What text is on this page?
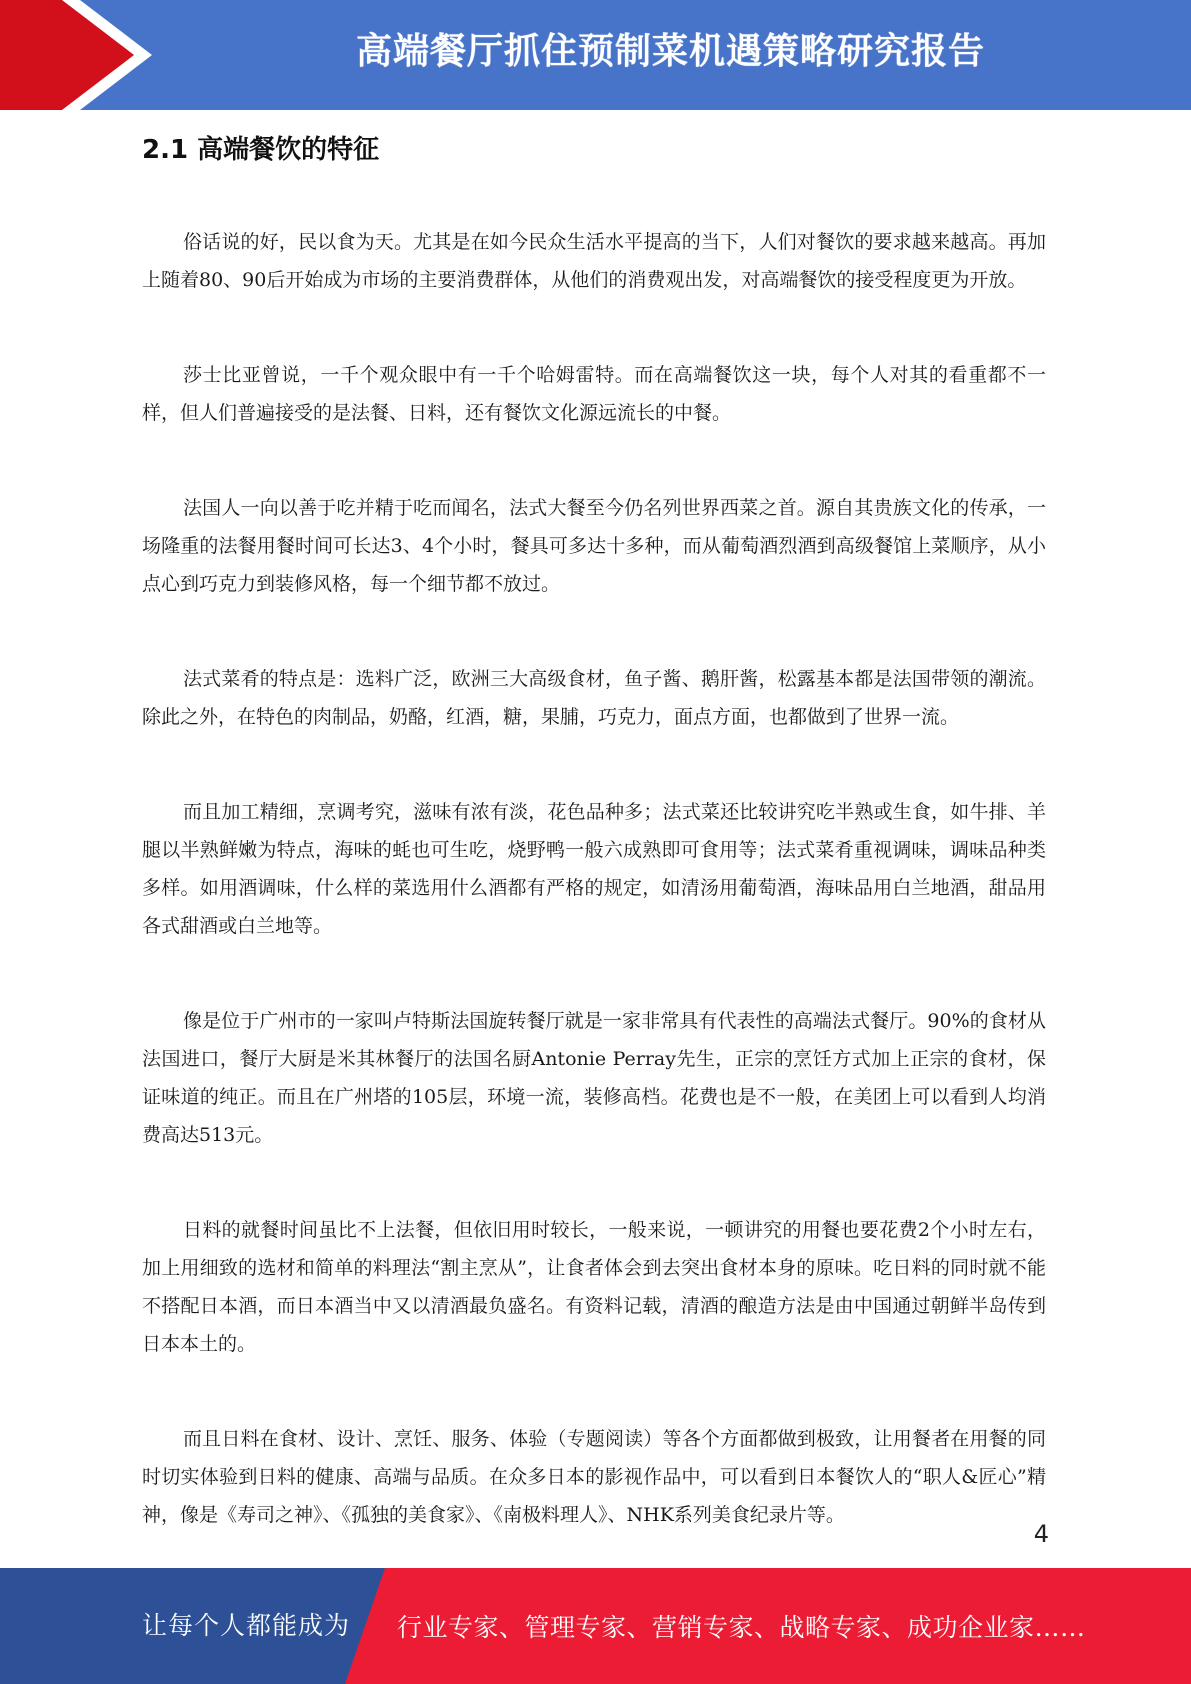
高端餐厅抓住预制菜机遇策略研究报告
2.1 高端餐饮的特征

俗话说的好，民以食为天。尤其是在如今民众生活水平提高的当下，人们对餐饮的要求越来越高。再加上随着80、90后开始成为市场的主要消费群体，从他们的消费观出发，对高端餐饮的接受程度更为开放。

莎士比亚曾说，一千个观众眼中有一千个哈姆雷特。而在高端餐饮这一块，每个人对其的看重都不一样，但人们普遍接受的是法餐、日料，还有餐饮文化源远流长的中餐。

法国人一向以善于吃并精于吃而闻名，法式大餐至今仍名列世界西菜之首。源自其贵族文化的传承，一场隆重的法餐用餐时间可长达3、4个小时，餐具可多达十多种，而从葡萄酒烈酒到高级餐馆上菜顺序，从小点心到巧克力到装修风格，每一个细节都不放过。

法式菜肴的特点是：选料广泛，欧洲三大高级食材，鱼子酱、鹅肝酱，松露基本都是法国带领的潮流。除此之外，在特色的肉制品，奶酪，红酒，糖，果脯，巧克力，面点方面，也都做到了世界一流。

而且加工精细，烹调考究，滋味有浓有淡，花色品种多；法式菜还比较讲究吃半熟或生食，如牛排、羊腿以半熟鲜嫩为特点，海味的蚝也可生吃，烧野鸭一般六成熟即可食用等；法式菜肴重视调味，调味品种类多样。如用酒调味，什么样的菜选用什么酒都有严格的规定，如清汤用葡萄酒，海味品用白兰地酒，甜品用各式甜酒或白兰地等。

像是位于广州市的一家叫卢特斯法国旋转餐厅就是一家非常具有代表性的高端法式餐厅。90%的食材从法国进口，餐厅大厨是米其林餐厅的法国名厨Antonie Perray先生，正宗的烹饪方式加上正宗的食材，保证味道的纯正。而且在广州塔的105层，环境一流，装修高档。花费也是不一般，在美团上可以看到人均消费高达513元。

日料的就餐时间虽比不上法餐，但依旧用时较长，一般来说，一顿讲究的用餐也要花费2个小时左右，加上用细致的选材和简单的料理法“割主烹从”，让食者体会到去突出食材本身的原味。吃日料的同时就不能不搭配日本酒，而日本酒当中又以清酒最负盛名。有资料记载，清酒的酿造方法是由中国通过朝鲜半岛传到日本本土的。

而且日料在食材、设计、烹饪、服务、体验（专题阅读）等各个方面都做到极致，让用餐者在用餐的同时切实体验到日料的健康、高端与品质。在众多日本的影视作品中，可以看到日本餐饮人的“职人&匠心”精神，像是《寿司之神》、《孤独的美食家》、《南极料理人》、NHK系列美食纪录片等。

4
让每个人都能成为 行业专家、管理专家、营销专家、战略专家、成功企业家……
